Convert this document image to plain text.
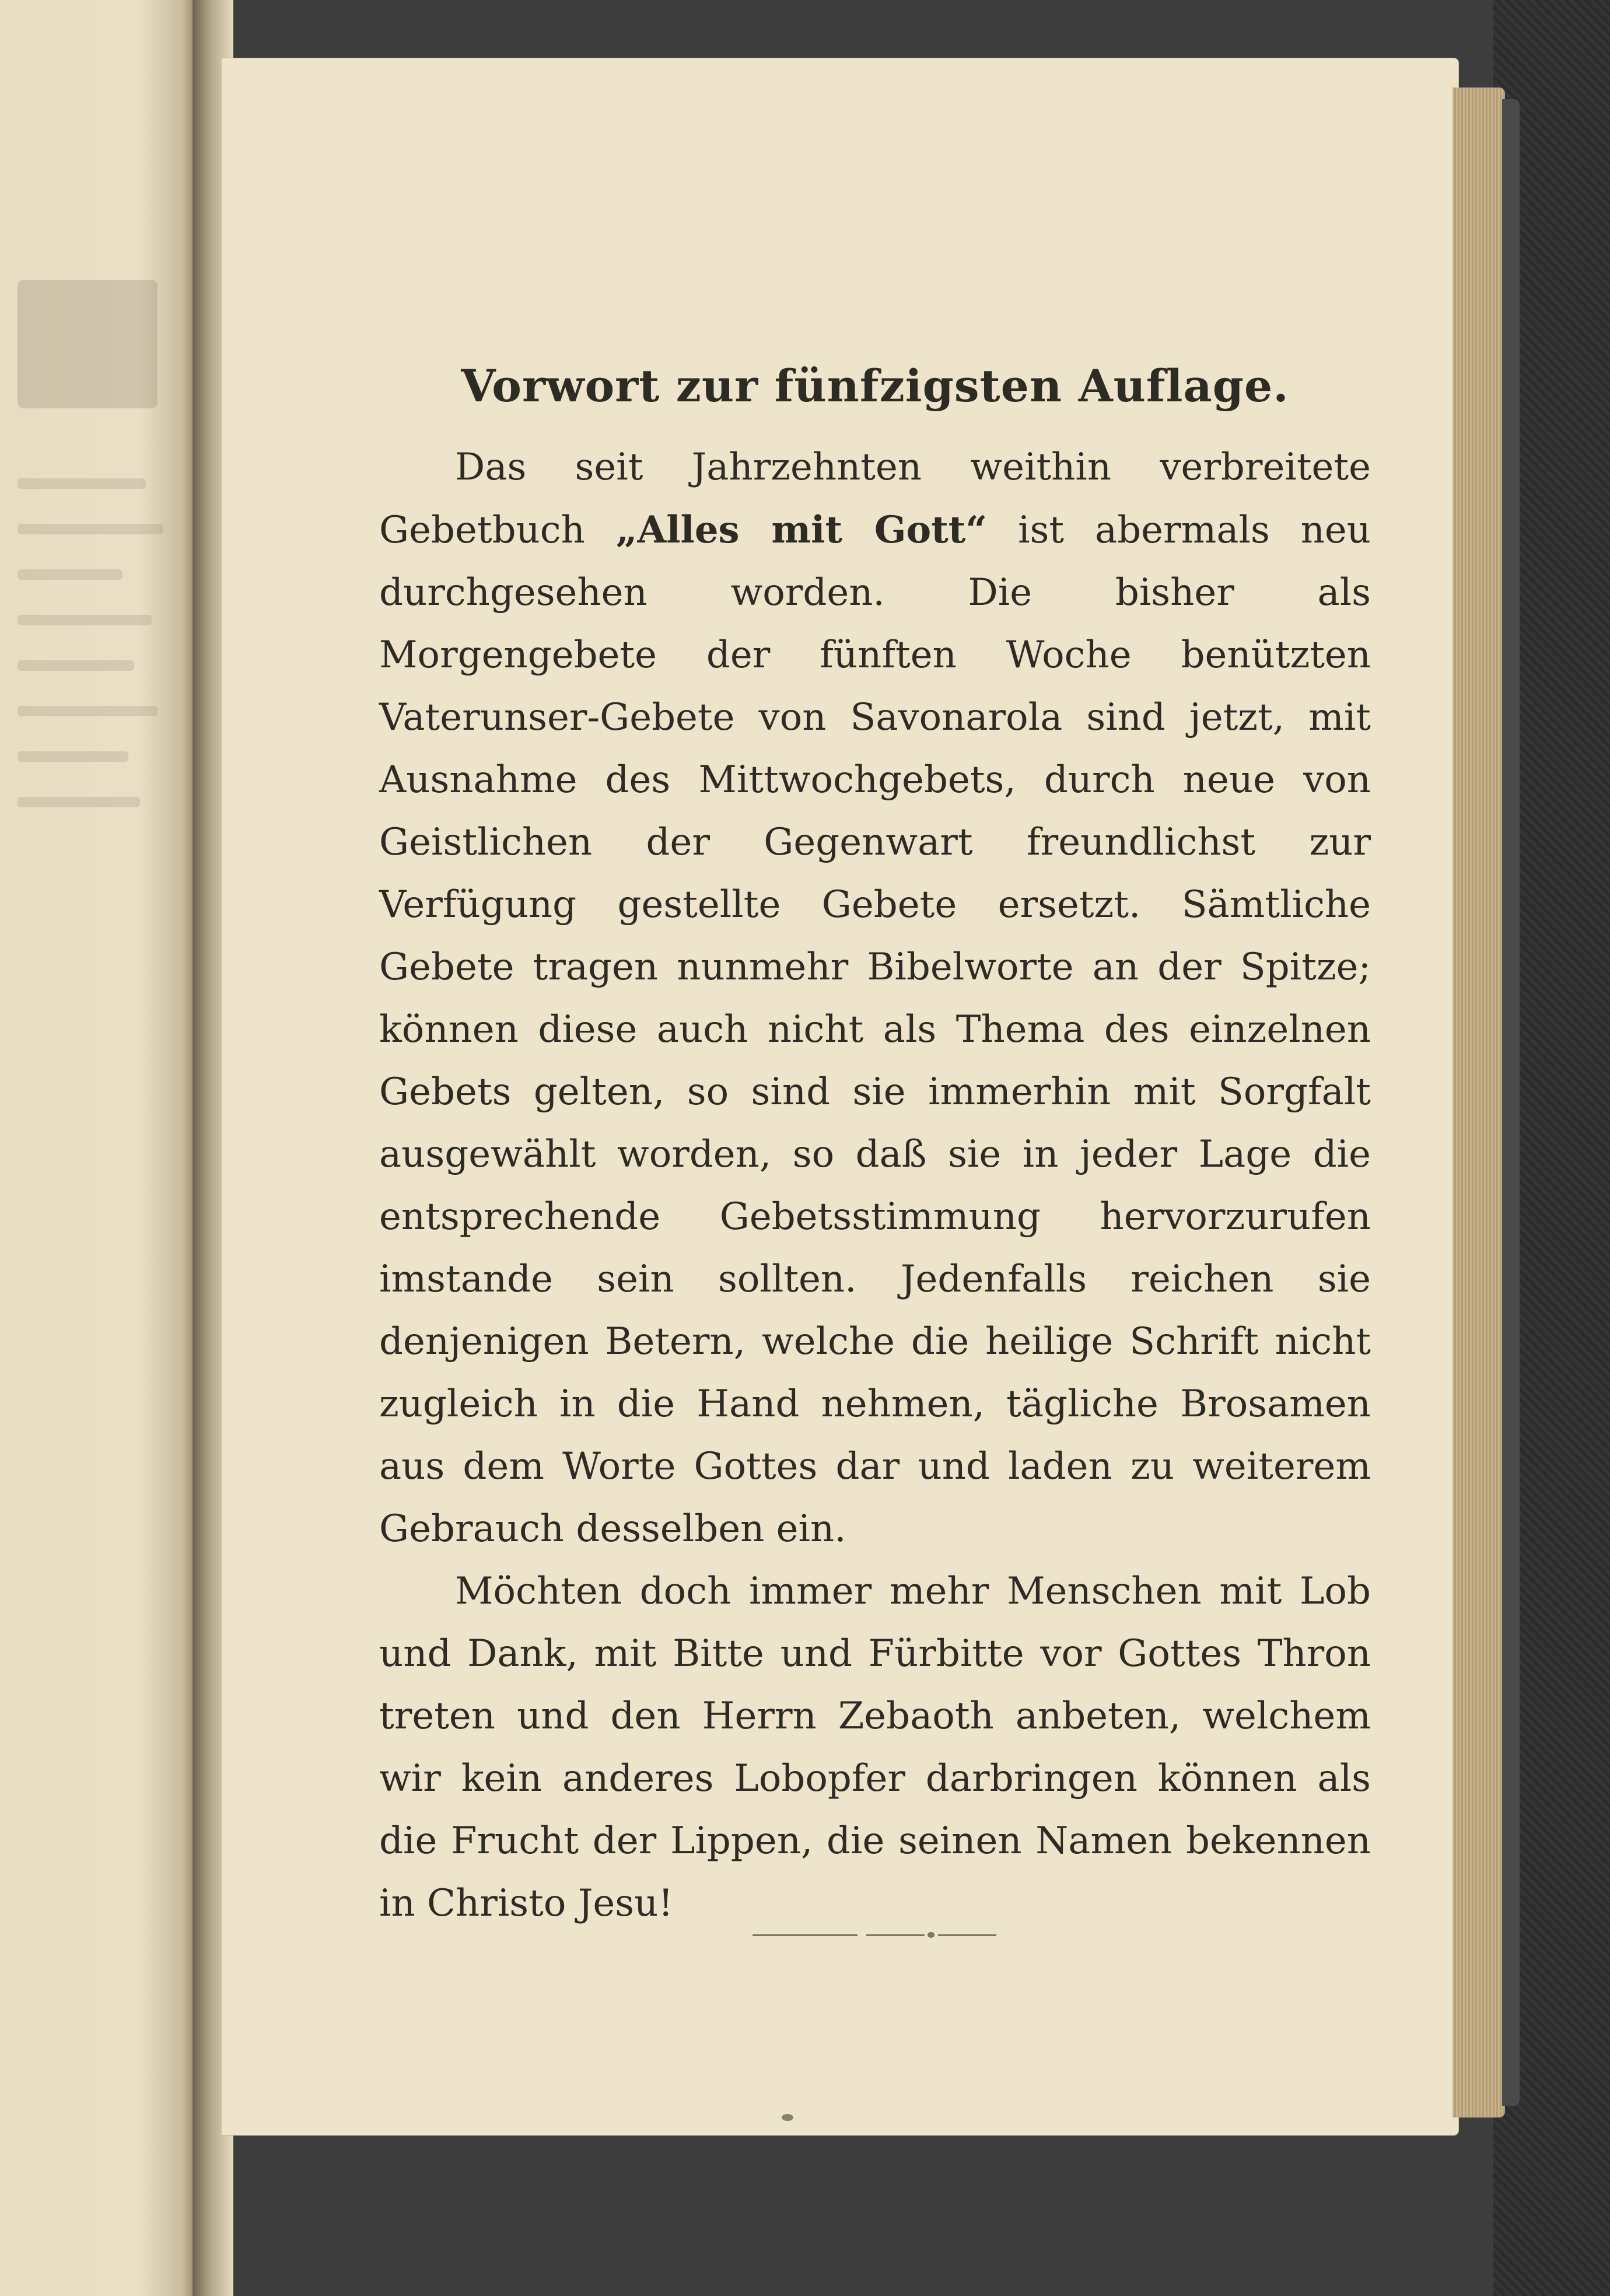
Vorwort zur fünfzigsten Auflage.

Das seit Jahrzehnten weithin verbreitete Gebetbuch „Alles mit Gott“ ist abermals neu durchgesehen worden. Die bisher als Morgengebete der fünften Woche benützten Vaterunser-Gebete von Savonarola sind jetzt, mit Ausnahme des Mittwochgebets, durch neue von Geistlichen der Gegenwart freundlichst zur Verfügung gestellte Gebete ersetzt. Sämtliche Gebete tragen nunmehr Bibelworte an der Spitze; können diese auch nicht als Thema des einzelnen Gebets gelten, so sind sie immerhin mit Sorgfalt ausgewählt worden, so daß sie in jeder Lage die entsprechende Gebetsstimmung hervorzurufen imstande sein sollten. Jedenfalls reichen sie denjenigen Betern, welche die heilige Schrift nicht zugleich in die Hand nehmen, tägliche Brosamen aus dem Worte Gottes dar und laden zu weiterem Gebrauch desselben ein.

Möchten doch immer mehr Menschen mit Lob und Dank, mit Bitte und Fürbitte vor Gottes Thron treten und den Herrn Zebaoth anbeten, welchem wir kein anderes Lobopfer darbringen können als die Frucht der Lippen, die seinen Namen bekennen in Christo Jesu!
